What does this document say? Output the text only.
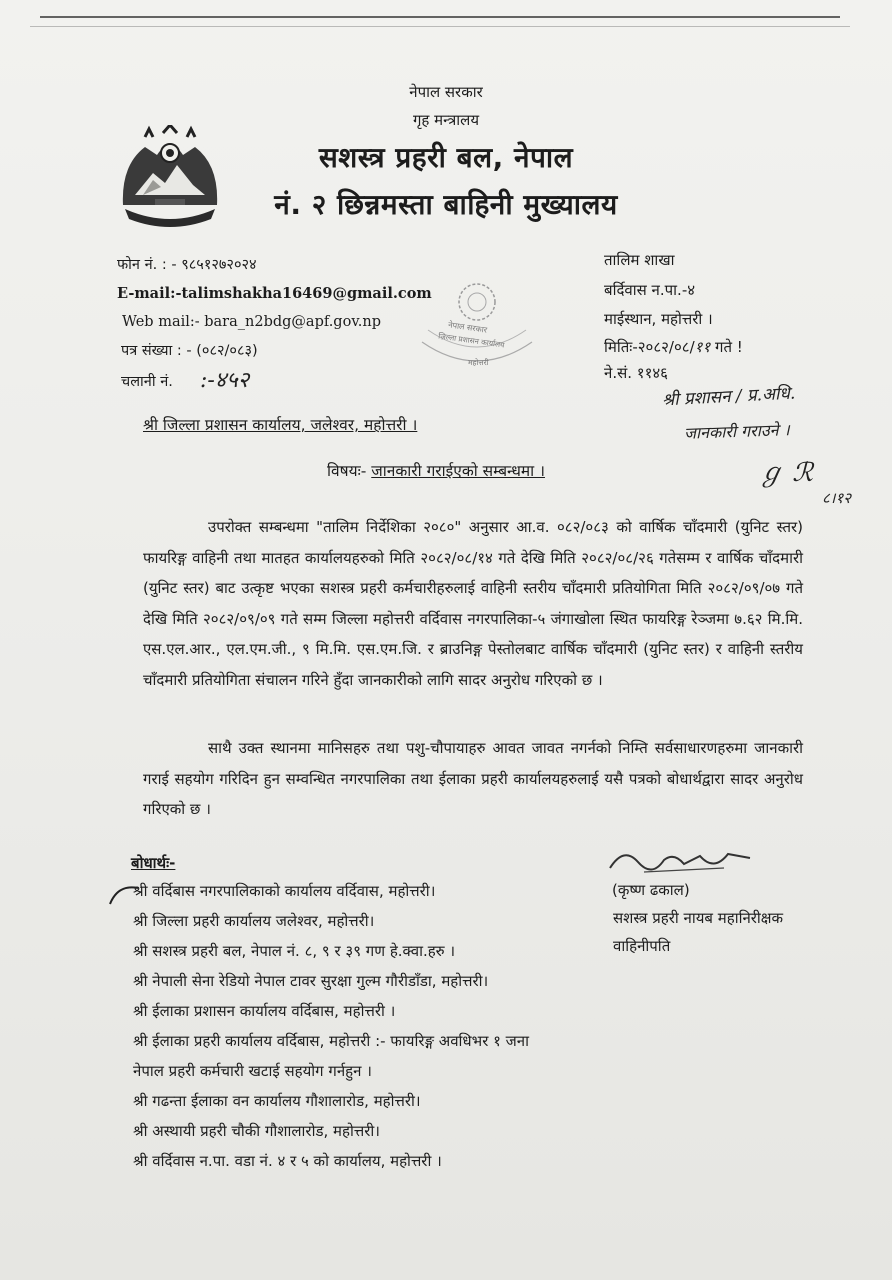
नेपाल सरकार
गृह मन्त्रालय
सशस्त्र प्रहरी बल, नेपाल
नं. २ छिन्नमस्ता बाहिनी मुख्यालय
फोन नं. : - ९८५१२७२०२४
E-mail:-talimshakha16469@gmail.com
Web mail:- bara_n2bdg@apf.gov.np
पत्र संख्या : - (०८२/०८३)
चलानी नं. :-४५२
नेपाल सरकार
ज़िल्ला प्रशासन कार्यालय
महोत्तरी
तालिम शाखा
बर्दिवास न.पा.-४
माईस्थान, महोत्तरी ।
मितिः-२०८२/०८/११ गते !
ने.सं. ११४६
श्री प्रशासन / प्र.अधि.
जानकारी गराउने ।
ℊ ℛ
८।१२
श्री जिल्ला प्रशासन कार्यालय, जलेश्वर, महोत्तरी ।
विषयः- जानकारी गराईएको सम्बन्धमा ।
उपरोक्त सम्बन्धमा "तालिम निर्देशिका २०८०" अनुसार आ.व. ०८२/०८३ को वार्षिक चाँदमारी (युनिट स्तर) फायरिङ्ग वाहिनी तथा मातहत कार्यालयहरुको मिति २०८२/०८/१४ गते देखि मिति २०८२/०८/२६ गतेसम्म र वार्षिक चाँदमारी (युनिट स्तर) बाट उत्कृष्ट भएका सशस्त्र प्रहरी कर्मचारीहरुलाई वाहिनी स्तरीय चाँदमारी प्रतियोगिता मिति २०८२/०९/०७ गते देखि मिति २०८२/०९/०९ गते सम्म जिल्ला महोत्तरी वर्दिवास नगरपालिका-५ जंगाखोला स्थित फायरिङ्ग रेञ्जमा ७.६२ मि.मि. एस.एल.आर., एल.एम.जी., ९ मि.मि. एस.एम.जि. र ब्राउनिङ्ग पेस्तोलबाट वार्षिक चाँदमारी (युनिट स्तर) र वाहिनी स्तरीय चाँदमारी प्रतियोगिता संचालन गरिने हुँदा जानकारीको लागि सादर अनुरोध गरिएको छ ।
साथै उक्त स्थानमा मानिसहरु तथा पशु-चौपायाहरु आवत जावत नगर्नको निम्ति सर्वसाधारणहरुमा जानकारी गराई सहयोग गरिदिन हुन सम्वन्धित नगरपालिका तथा ईलाका प्रहरी कार्यालयहरुलाई यसै पत्रको बोधार्थद्वारा सादर अनुरोध गरिएको छ ।
बोधार्थः-
श्री वर्दिबास नगरपालिकाको कार्यालय वर्दिवास, महोत्तरी।
श्री जिल्ला प्रहरी कार्यालय जलेश्वर, महोत्तरी।
श्री सशस्त्र प्रहरी बल, नेपाल नं. ८, ९ र ३९ गण हे.क्वा.हरु ।
श्री नेपाली सेना रेडियो नेपाल टावर सुरक्षा गुल्म गौरीडाँडा, महोत्तरी।
श्री ईलाका प्रशासन कार्यालय वर्दिबास, महोत्तरी ।
श्री ईलाका प्रहरी कार्यालय वर्दिबास, महोत्तरी :- फायरिङ्ग अवधिभर १ जना
नेपाल प्रहरी कर्मचारी खटाई सहयोग गर्नहुन ।
श्री गढन्ता ईलाका वन कार्यालय गौशालारोड, महोत्तरी।
श्री अस्थायी प्रहरी चौकी गौशालारोड, महोत्तरी।
श्री वर्दिवास न.पा. वडा नं. ४ र ५ को कार्यालय, महोत्तरी ।
(कृष्ण ढकाल)
सशस्त्र प्रहरी नायब महानिरीक्षक
वाहिनीपति
